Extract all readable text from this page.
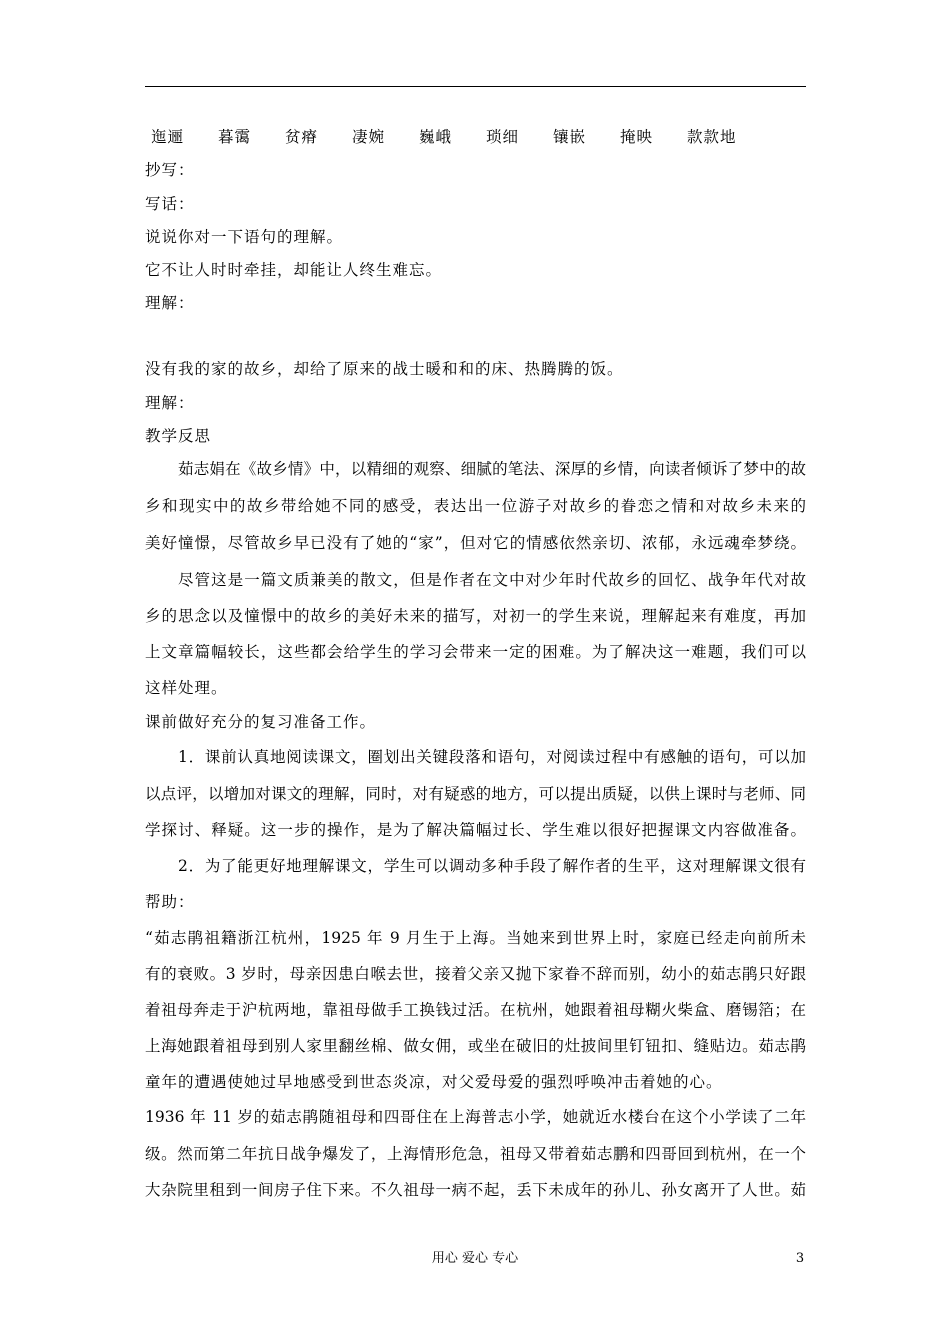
迤逦 暮霭 贫瘠 凄婉 巍峨 琐细 镶嵌 掩映 款款地
抄写：
写话：
说说你对一下语句的理解。
它不让人时时牵挂，却能让人终生难忘。
理解：
没有我的家的故乡，却给了原来的战士暖和和的床、热腾腾的饭。
理解：
教学反思
茹志娟在《故乡情》中，以精细的观察、细腻的笔法、深厚的乡情，向读者倾诉了梦中的故
乡和现实中的故乡带给她不同的感受，表达出一位游子对故乡的眷恋之情和对故乡未来的
美好憧憬，尽管故乡早已没有了她的“家”，但对它的情感依然亲切、浓郁，永远魂牵梦绕。
尽管这是一篇文质兼美的散文，但是作者在文中对少年时代故乡的回忆、战争年代对故
乡的思念以及憧憬中的故乡的美好未来的描写，对初一的学生来说，理解起来有难度，再加
上文章篇幅较长，这些都会给学生的学习会带来一定的困难。为了解决这一难题，我们可以
这样处理。
课前做好充分的复习准备工作。
1．课前认真地阅读课文，圈划出关键段落和语句，对阅读过程中有感触的语句，可以加
以点评，以增加对课文的理解，同时，对有疑惑的地方，可以提出质疑，以供上课时与老师、同
学探讨、释疑。这一步的操作，是为了解决篇幅过长、学生难以很好把握课文内容做准备。
2．为了能更好地理解课文，学生可以调动多种手段了解作者的生平，这对理解课文很有
帮助：
“茹志鹃祖籍浙江杭州，1925 年 9 月生于上海。当她来到世界上时，家庭已经走向前所未
有的衰败。3 岁时，母亲因患白喉去世，接着父亲又抛下家眷不辞而别，幼小的茹志鹃只好跟
着祖母奔走于沪杭两地，靠祖母做手工换钱过活。在杭州，她跟着祖母糊火柴盒、磨锡箔；在
上海她跟着祖母到别人家里翻丝棉、做女佣，或坐在破旧的灶披间里钉钮扣、缝贴边。茹志鹃
童年的遭遇使她过早地感受到世态炎凉，对父爱母爱的强烈呼唤冲击着她的心。
1936 年 11 岁的茹志鹃随祖母和四哥住在上海普志小学，她就近水楼台在这个小学读了二年
级。然而第二年抗日战争爆发了，上海情形危急，祖母又带着茹志鹏和四哥回到杭州，在一个
大杂院里租到一间房子住下来。不久祖母一病不起，丢下未成年的孙儿、孙女离开了人世。茹
用心 爱心 专心	3
